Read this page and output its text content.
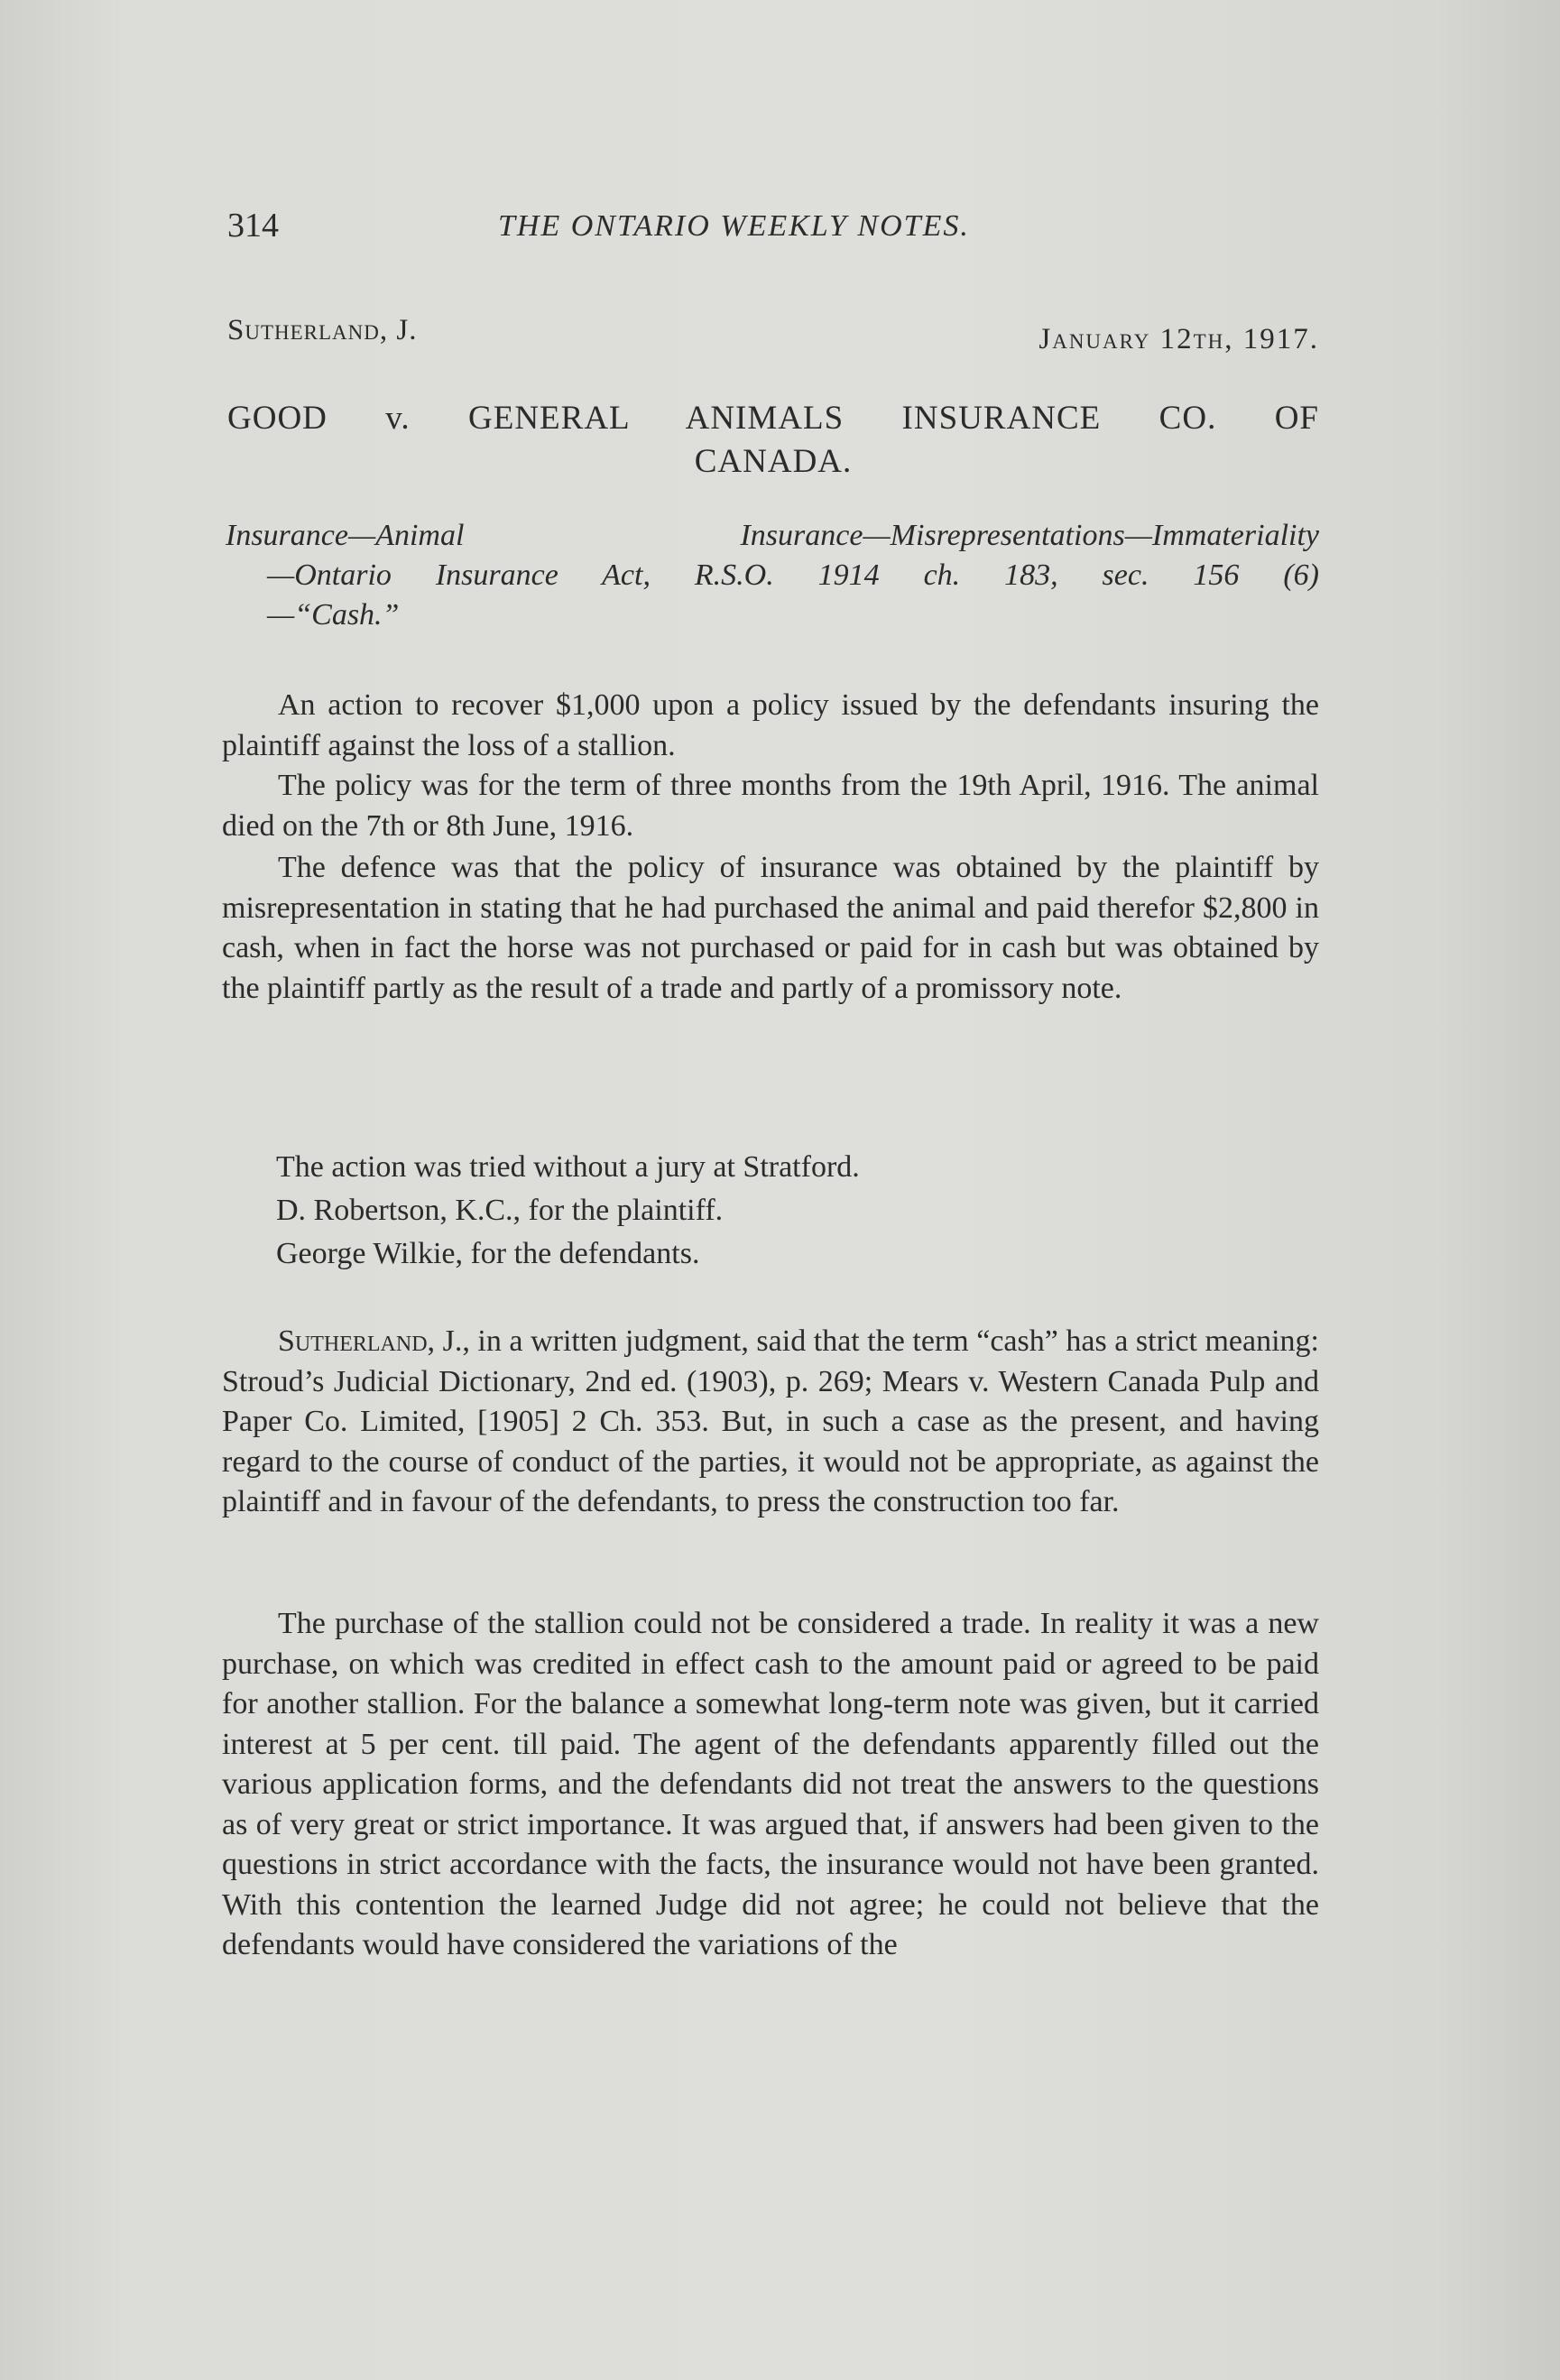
314	THE ONTARIO WEEKLY NOTES.
Sutherland, J.	January 12th, 1917.
GOOD v. GENERAL ANIMALS INSURANCE CO. OF
CANADA.
Insurance—Animal Insurance—Misrepresentations—Immateriality
—Ontario Insurance Act, R.S.O. 1914 ch. 183, sec. 156 (6)
—“Cash.”

An action to recover $1,000 upon a policy issued by the defendants insuring the plaintiff against the loss of a stallion.

The policy was for the term of three months from the 19th April, 1916. The animal died on the 7th or 8th June, 1916.

The defence was that the policy of insurance was obtained by the plaintiff by misrepresentation in stating that he had purchased the animal and paid therefor $2,800 in cash, when in fact the horse was not purchased or paid for in cash but was obtained by the plaintiff partly as the result of a trade and partly of a promissory note.

The action was tried without a jury at Stratford.
D. Robertson, K.C., for the plaintiff.
George Wilkie, for the defendants.

Sutherland, J., in a written judgment, said that the term “cash” has a strict meaning: Stroud’s Judicial Dictionary, 2nd ed. (1903), p. 269; Mears v. Western Canada Pulp and Paper Co. Limited, [1905] 2 Ch. 353. But, in such a case as the present, and having regard to the course of conduct of the parties, it would not be appropriate, as against the plaintiff and in favour of the defendants, to press the construction too far.

The purchase of the stallion could not be considered a trade. In reality it was a new purchase, on which was credited in effect cash to the amount paid or agreed to be paid for another stallion. For the balance a somewhat long-term note was given, but it carried interest at 5 per cent. till paid. The agent of the defendants apparently filled out the various application forms, and the defendants did not treat the answers to the questions as of very great or strict importance. It was argued that, if answers had been given to the questions in strict accordance with the facts, the insurance would not have been granted. With this contention the learned Judge did not agree; he could not believe that the defendants would have considered the variations of the
